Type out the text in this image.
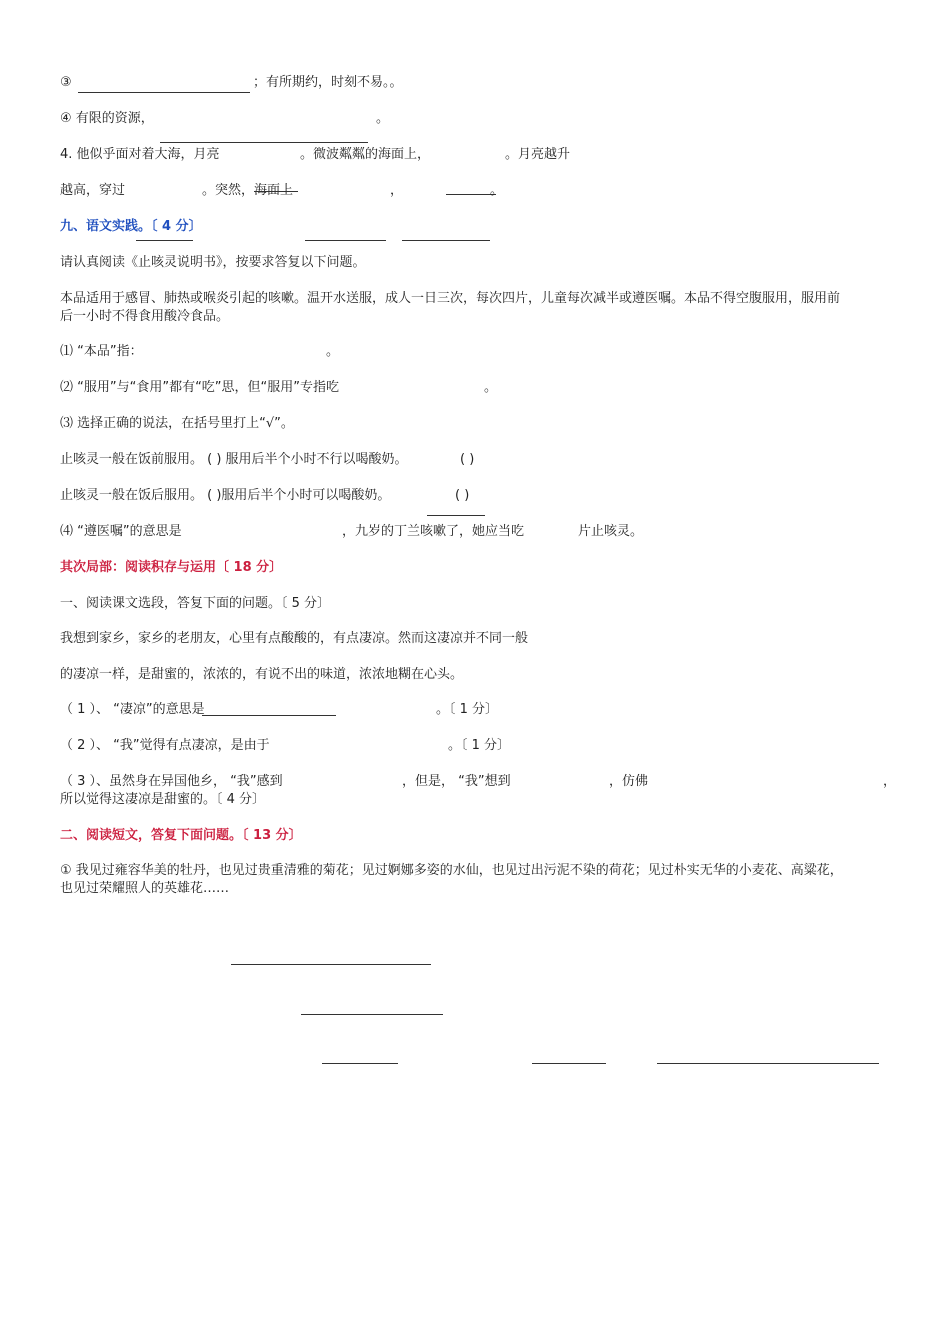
③	；有所期约，时刻不易。。
④ 有限的资源，	。
4. 他似乎面对着大海，月亮	。微波粼粼的海面上，	。月亮越升
越高，穿过	。突然，海面上	，	。
九、语文实践。〔 4 分〕
请认真阅读《止咳灵说明书》，按要求答复以下问题。
本品适用于感冒、肺热或喉炎引起的咳嗽。温开水送服，成人一日三次，每次四片，儿童每次减半或遵医嘱。本品不得空腹服用，服用前后一小时不得食用酸冷食品。
⑴ “本品”指：	。
⑵ “服用”与“食用”都有“吃”思，但“服用”专指吃	。
⑶ 选择正确的说法，在括号里打上“√”。
止咳灵一般在饭前服用。 ( ) 服用后半个小时不行以喝酸奶。	( )
止咳灵一般在饭后服用。 ( )服用后半个小时可以喝酸奶。	( )
⑷ “遵医嘱”的意思是	，九岁的丁兰咳嗽了，她应当吃	片止咳灵。
其次局部：阅读积存与运用〔 18 分〕
一、阅读课文选段，答复下面的问题。〔 5 分〕
我想到家乡，家乡的老朋友，心里有点酸酸的，有点凄凉。然而这凄凉并不同一般
的凄凉一样，是甜蜜的，浓浓的，有说不出的味道，浓浓地糊在心头。
（ 1 ）、 “凄凉”的意思是	。〔 1 分〕
（ 2 ）、 “我”觉得有点凄凉，是由于	。〔 1 分〕
（ 3 ）、虽然身在异国他乡， “我”感到	，但是， “我”想到	，仿佛	，
所以觉得这凄凉是甜蜜的。〔 4 分〕
二、阅读短文，答复下面问题。〔 13 分〕
① 我见过雍容华美的牡丹，也见过贵重清雅的菊花；见过婀娜多姿的水仙，也见过出污泥不染的荷花；见过朴实无华的小麦花、高粱花，也见过荣耀照人的英雄花……
